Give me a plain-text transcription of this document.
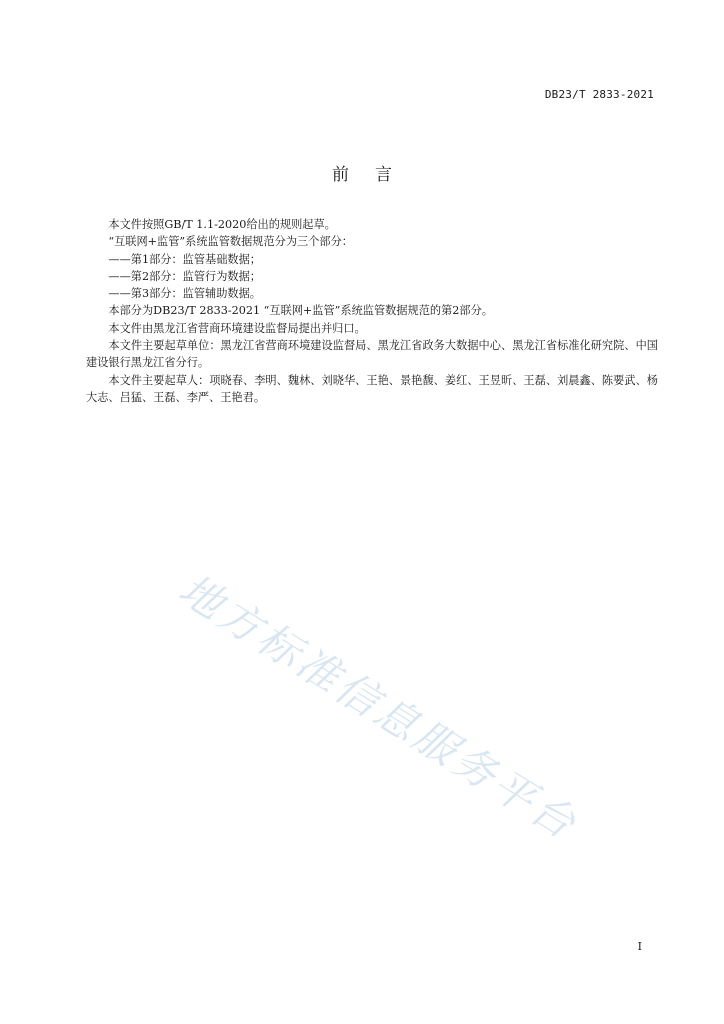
DB23/T 2833-2021
前言

本文件按照GB/T 1.1-2020给出的规则起草。

“互联网+监管”系统监管数据规范分为三个部分：

——第1部分：监管基础数据；

——第2部分：监管行为数据；

——第3部分：监管辅助数据。

本部分为DB23/T 2833-2021 “互联网+监管”系统监管数据规范的第2部分。

本文件由黑龙江省营商环境建设监督局提出并归口。

本文件主要起草单位：黑龙江省营商环境建设监督局、黑龙江省政务大数据中心、黑龙江省标准化研究院、中国建设银行黑龙江省分行。

本文件主要起草人：项晓春、李明、魏林、刘晓华、王艳、景艳馥、姜红、王昱昕、王磊、刘晨鑫、陈要武、杨大志、吕猛、王磊、李严、王艳君。

地方标准信息服务平台
I
